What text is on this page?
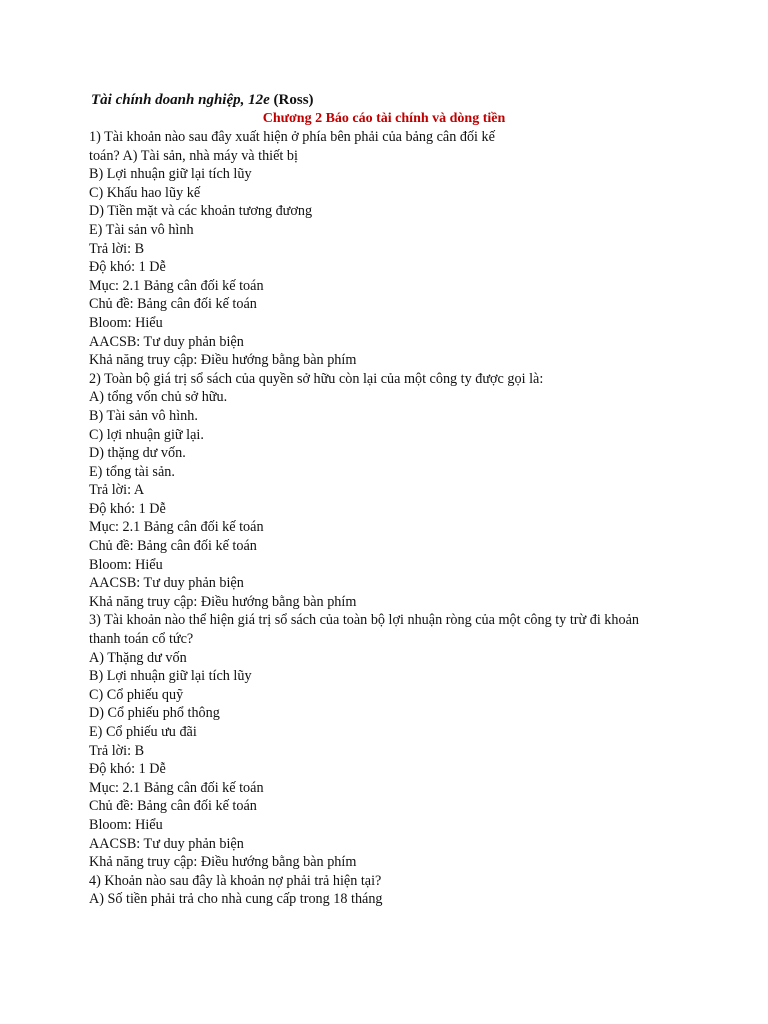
Tài chính doanh nghiệp, 12e (Ross)
Chương 2 Báo cáo tài chính và dòng tiền
1) Tài khoản nào sau đây xuất hiện ở phía bên phải của bảng cân đối kế
toán? A) Tài sản, nhà máy và thiết bị
B) Lợi nhuận giữ lại tích lũy
C) Khấu hao lũy kế
D) Tiền mặt và các khoản tương đương
E) Tài sản vô hình
Trả lời: B
Độ khó: 1 Dễ
Mục: 2.1 Bảng cân đối kế toán
Chủ đề: Bảng cân đối kế toán
Bloom: Hiểu
AACSB: Tư duy phản biện
Khả năng truy cập: Điều hướng bằng bàn phím
2) Toàn bộ giá trị sổ sách của quyền sở hữu còn lại của một công ty được gọi là:
A) tổng vốn chủ sở hữu.
B) Tài sản vô hình.
C) lợi nhuận giữ lại.
D) thặng dư vốn.
E) tổng tài sản.
Trả lời: A
Độ khó: 1 Dễ
Mục: 2.1 Bảng cân đối kế toán
Chủ đề: Bảng cân đối kế toán
Bloom: Hiểu
AACSB: Tư duy phản biện
Khả năng truy cập: Điều hướng bằng bàn phím
3) Tài khoản nào thể hiện giá trị sổ sách của toàn bộ lợi nhuận ròng của một công ty trừ đi khoản
thanh toán cổ tức?
A) Thặng dư vốn
B) Lợi nhuận giữ lại tích lũy
C) Cổ phiếu quỹ
D) Cổ phiếu phổ thông
E) Cổ phiếu ưu đãi
Trả lời: B
Độ khó: 1 Dễ
Mục: 2.1 Bảng cân đối kế toán
Chủ đề: Bảng cân đối kế toán
Bloom: Hiểu
AACSB: Tư duy phản biện
Khả năng truy cập: Điều hướng bằng bàn phím
4) Khoản nào sau đây là khoản nợ phải trả hiện tại?
A) Số tiền phải trả cho nhà cung cấp trong 18 tháng
